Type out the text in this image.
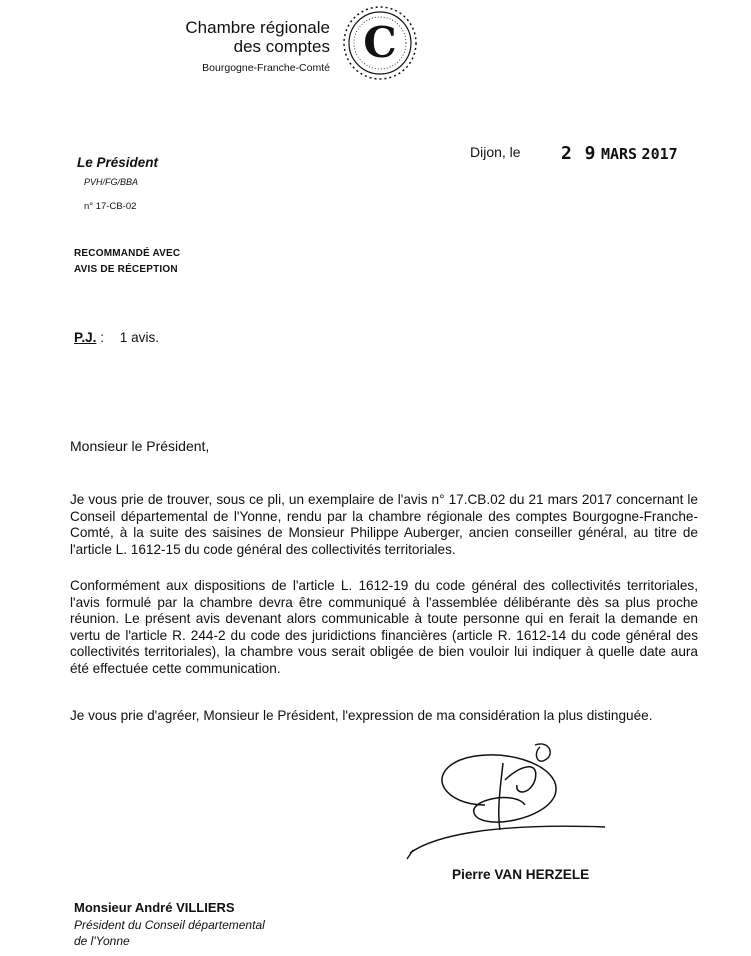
Chambre régionale
des comptes
Bourgogne-Franche-Comté
C
Le Président
PVH/FG/BBA
n° 17-CB-02
Dijon, le 2 9 MARS 2017
RECOMMANDÉ AVEC
AVIS DE RÉCEPTION
P.J. : 1 avis.
Monsieur le Président,
Je vous prie de trouver, sous ce pli, un exemplaire de l'avis n° 17.CB.02 du 21 mars 2017 concernant le Conseil départemental de l'Yonne, rendu par la chambre régionale des comptes Bourgogne-Franche-Comté, à la suite des saisines de Monsieur Philippe Auberger, ancien conseiller général, au titre de l'article L. 1612-15 du code général des collectivités territoriales.
Conformément aux dispositions de l'article L. 1612-19 du code général des collectivités territoriales, l'avis formulé par la chambre devra être communiqué à l'assemblée délibérante dès sa plus proche réunion. Le présent avis devenant alors communicable à toute personne qui en ferait la demande en vertu de l'article R. 244-2 du code des juridictions financières (article R. 1612-14 du code général des collectivités territoriales), la chambre vous serait obligée de bien vouloir lui indiquer à quelle date aura été effectuée cette communication.
Je vous prie d'agréer, Monsieur le Président, l'expression de ma considération la plus distinguée.
Pierre VAN HERZELE
Monsieur André VILLIERS
Président du Conseil départemental
de l'Yonne
